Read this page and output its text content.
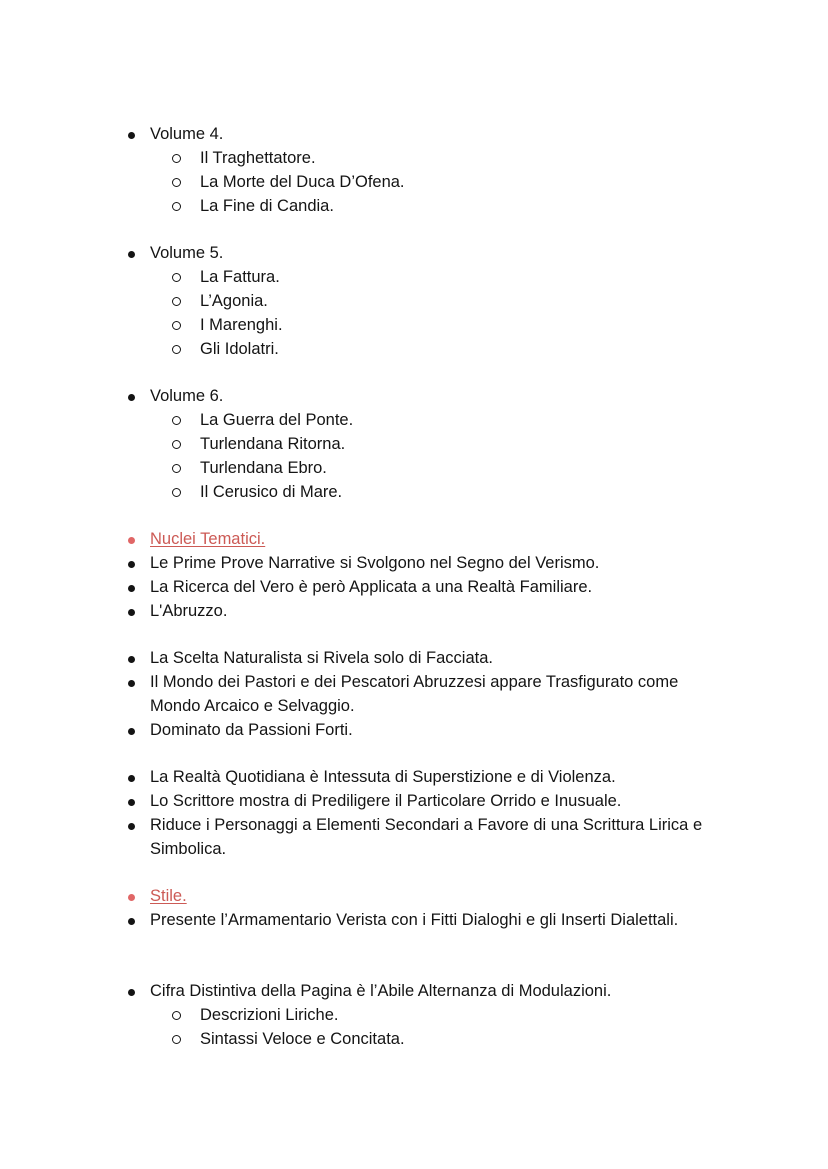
Volume 4.
Il Traghettatore.
La Morte del Duca D’Ofena.
La Fine di Candia.
Volume 5.
La Fattura.
L’Agonia.
I Marenghi.
Gli Idolatri.
Volume 6.
La Guerra del Ponte.
Turlendana Ritorna.
Turlendana Ebro.
Il Cerusico di Mare.
Nuclei Tematici.
Le Prime Prove Narrative si Svolgono nel Segno del Verismo.
La Ricerca del Vero è però Applicata a una Realtà Familiare.
L'Abruzzo.
La Scelta Naturalista si Rivela solo di Facciata.
Il Mondo dei Pastori e dei Pescatori Abruzzesi appare Trasfigurato come Mondo Arcaico e Selvaggio.
Dominato da Passioni Forti.
La Realtà Quotidiana è Intessuta di Superstizione e di Violenza.
Lo Scrittore mostra di Prediligere il Particolare Orrido e Inusuale.
Riduce i Personaggi a Elementi Secondari a Favore di una Scrittura Lirica e Simbolica.
Stile.
Presente l’Armamentario Verista con i Fitti Dialoghi e gli Inserti Dialettali.
Cifra Distintiva della Pagina è l’Abile Alternanza di Modulazioni.
Descrizioni Liriche.
Sintassi Veloce e Concitata.
